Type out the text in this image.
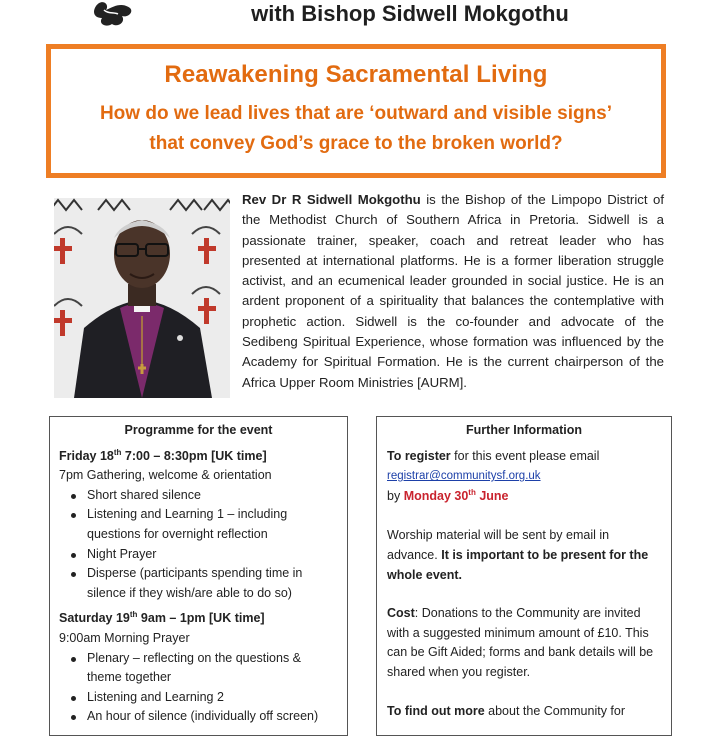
with Bishop Sidwell Mokgothu
Reawakening Sacramental Living
How do we lead lives that are ‘outward and visible signs’
that convey God’s grace to the broken world?
Rev Dr R Sidwell Mokgothu is the Bishop of the Limpopo District of the Methodist Church of Southern Africa in Pretoria. Sidwell is a passionate trainer, speaker, coach and retreat leader who has presented at international platforms. He is a former liberation struggle activist, and an ecumenical leader grounded in social justice. He is an ardent proponent of a spirituality that balances the contemplative with prophetic action. Sidwell is the co-founder and advocate of the Sedibeng Spiritual Experience, whose formation was influenced by the Academy for Spiritual Formation. He is the current chairperson of the Africa Upper Room Ministries [AURM].
Programme for the event
Friday 18th 7:00 – 8:30pm [UK time]
7pm Gathering, welcome & orientation
Short shared silence
Listening and Learning 1 – including questions for overnight reflection
Night Prayer
Disperse (participants spending time in silence if they wish/are able to do so)
Saturday 19th 9am – 1pm [UK time]
9:00am Morning Prayer
Plenary – reflecting on the questions & theme together
Listening and Learning 2
An hour of silence (individually off screen)
Further Information

To register for this event please email
registrar@communitysf.org.uk
by Monday 30th June

Worship material will be sent by email in advance. It is important to be present for the whole event.

Cost: Donations to the Community are invited with a suggested minimum amount of £10. This can be Gift Aided; forms and bank details will be shared when you register.

To find out more about the Community for
